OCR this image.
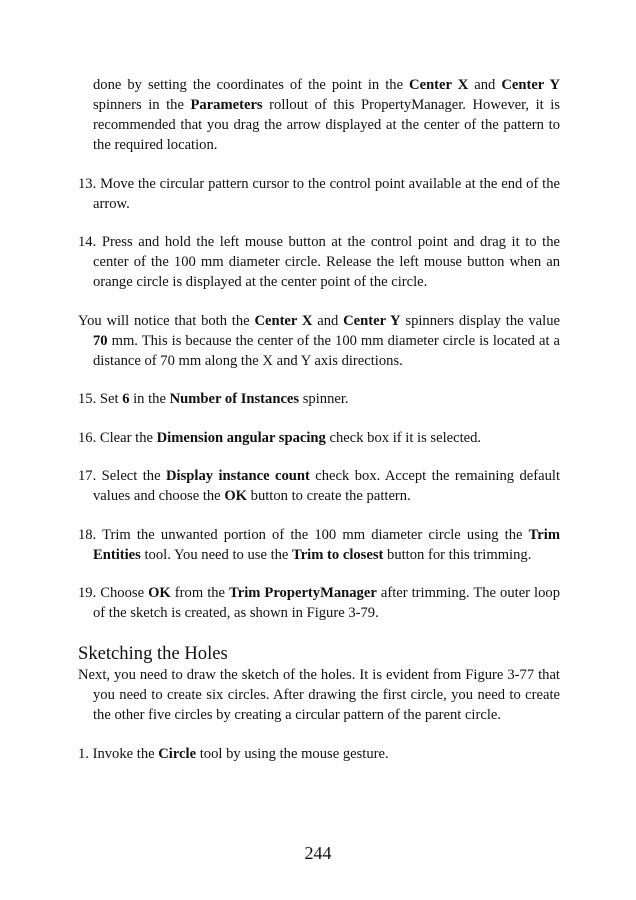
done by setting the coordinates of the point in the Center X and Center Y spinners in the Parameters rollout of this PropertyManager. However, it is recommended that you drag the arrow displayed at the center of the pattern to the required location.

13. Move the circular pattern cursor to the control point available at the end of the arrow.

14. Press and hold the left mouse button at the control point and drag it to the center of the 100 mm diameter circle. Release the left mouse button when an orange circle is displayed at the center point of the circle.

You will notice that both the Center X and Center Y spinners display the value 70 mm. This is because the center of the 100 mm diameter circle is located at a distance of 70 mm along the X and Y axis directions.

15. Set 6 in the Number of Instances spinner.

16. Clear the Dimension angular spacing check box if it is selected.

17. Select the Display instance count check box. Accept the remaining default values and choose the OK button to create the pattern.

18. Trim the unwanted portion of the 100 mm diameter circle using the Trim Entities tool. You need to use the Trim to closest button for this trimming.

19. Choose OK from the Trim PropertyManager after trimming. The outer loop of the sketch is created, as shown in Figure 3-79.

Sketching the Holes

Next, you need to draw the sketch of the holes. It is evident from Figure 3-77 that you need to create six circles. After drawing the first circle, you need to create the other five circles by creating a circular pattern of the parent circle.

1. Invoke the Circle tool by using the mouse gesture.

244
